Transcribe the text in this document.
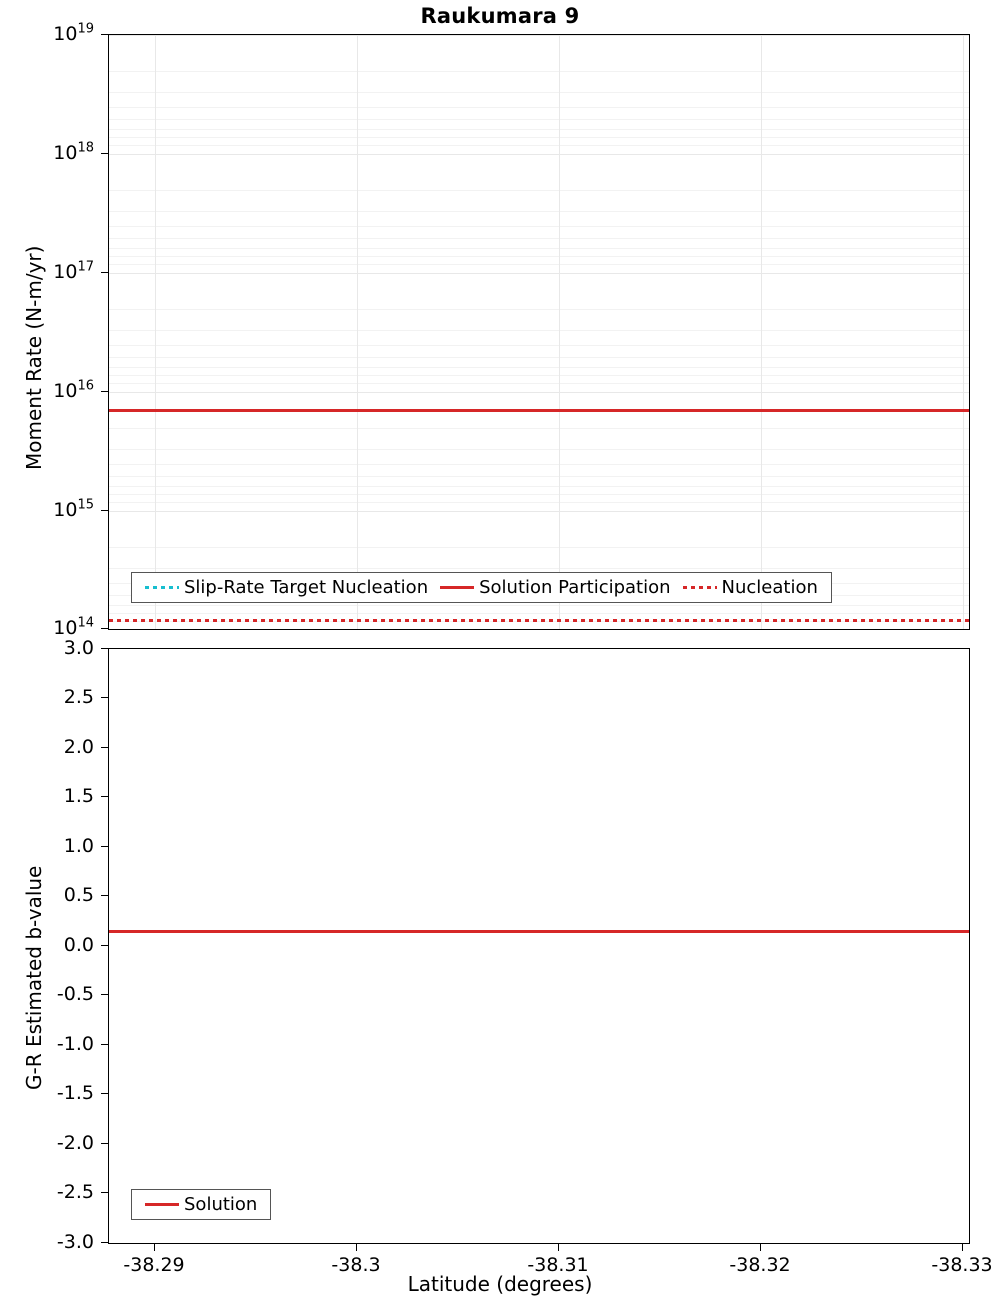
Raukumara 9
$10^{19}$
$10^{18}$
$10^{17}$
$10^{16}$
$10^{15}$
$10^{14}$
Moment Rate (N-m/yr)
Slip-Rate Target Nucleation	Solution Participation	Nucleation
3.0
2.5
2.0
1.5
1.0
0.5
0.0
-0.5
-1.0
-1.5
-2.0
-2.5
-3.0
G-R Estimated b-value
-38.29	-38.3	-38.31	-38.32	-38.33
Latitude (degrees)
Solution
